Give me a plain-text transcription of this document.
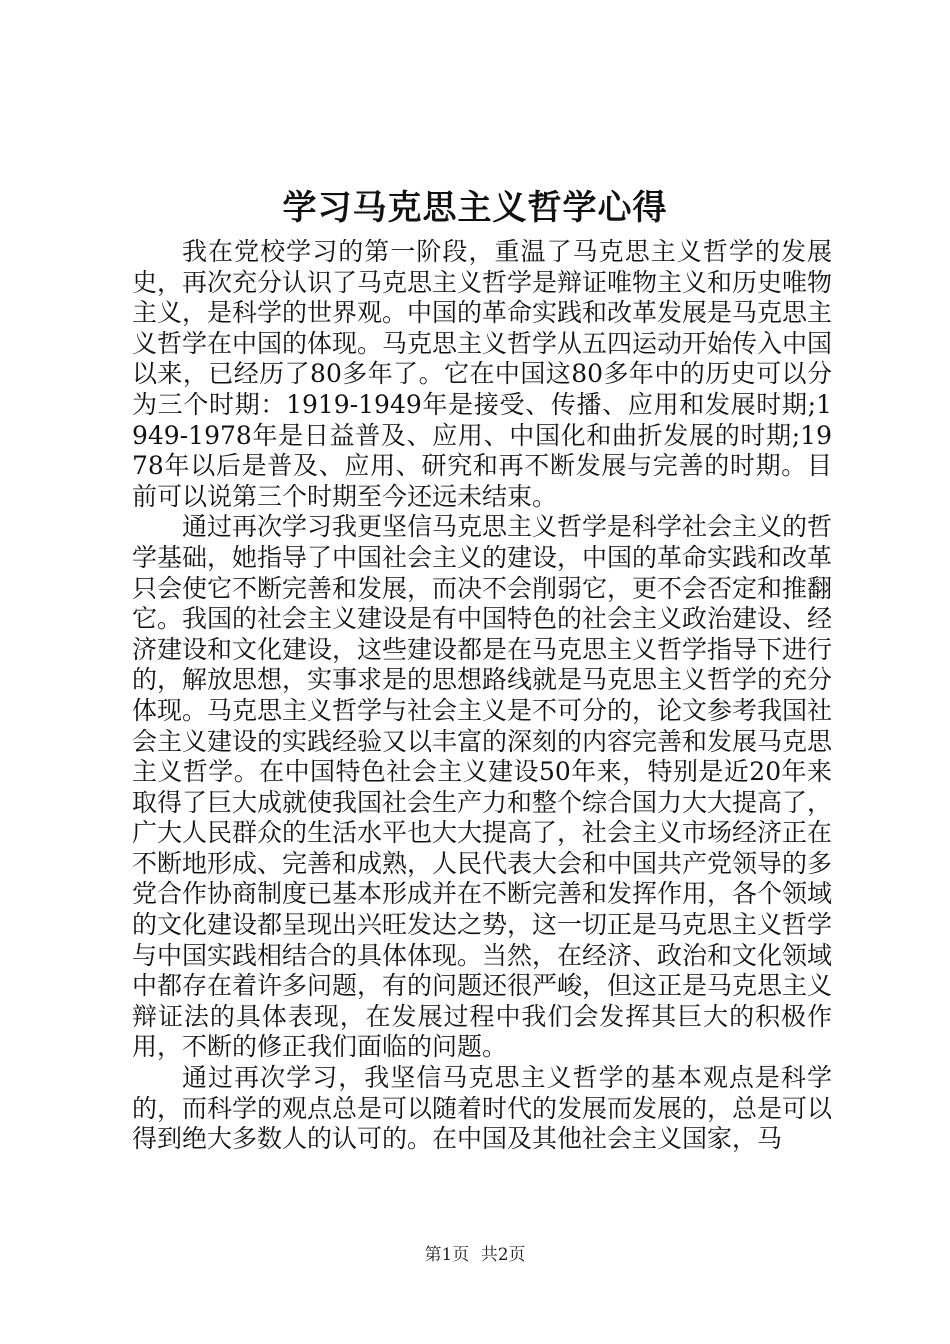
学习马克思主义哲学心得

我在党校学习的第一阶段，重温了马克思主义哲学的发展史，再次充分认识了马克思主义哲学是辩证唯物主义和历史唯物主义，是科学的世界观。中国的革命实践和改革发展是马克思主义哲学在中国的体现。马克思主义哲学从五四运动开始传入中国以来，已经历了80多年了。它在中国这80多年中的历史可以分为三个时期：1919-1949年是接受、传播、应用和发展时期;1949-1978年是日益普及、应用、中国化和曲折发展的时期;1978年以后是普及、应用、研究和再不断发展与完善的时期。目前可以说第三个时期至今还远未结束。

通过再次学习我更坚信马克思主义哲学是科学社会主义的哲学基础，她指导了中国社会主义的建设，中国的革命实践和改革只会使它不断完善和发展，而决不会削弱它，更不会否定和推翻它。我国的社会主义建设是有中国特色的社会主义政治建设、经济建设和文化建设，这些建设都是在马克思主义哲学指导下进行的，解放思想，实事求是的思想路线就是马克思主义哲学的充分体现。马克思主义哲学与社会主义是不可分的，论文参考我国社会主义建设的实践经验又以丰富的深刻的内容完善和发展马克思主义哲学。在中国特色社会主义建设50年来，特别是近20年来取得了巨大成就使我国社会生产力和整个综合国力大大提高了，广大人民群众的生活水平也大大提高了，社会主义市场经济正在不断地形成、完善和成熟，人民代表大会和中国共产党领导的多党合作协商制度已基本形成并在不断完善和发挥作用，各个领域的文化建设都呈现出兴旺发达之势，这一切正是马克思主义哲学与中国实践相结合的具体体现。当然，在经济、政治和文化领域中都存在着许多问题，有的问题还很严峻，但这正是马克思主义辩证法的具体表现，在发展过程中我们会发挥其巨大的积极作用，不断的修正我们面临的问题。

通过再次学习，我坚信马克思主义哲学的基本观点是科学的，而科学的观点总是可以随着时代的发展而发展的，总是可以得到绝大多数人的认可的。在中国及其他社会主义国家，马

第1页 共2页
